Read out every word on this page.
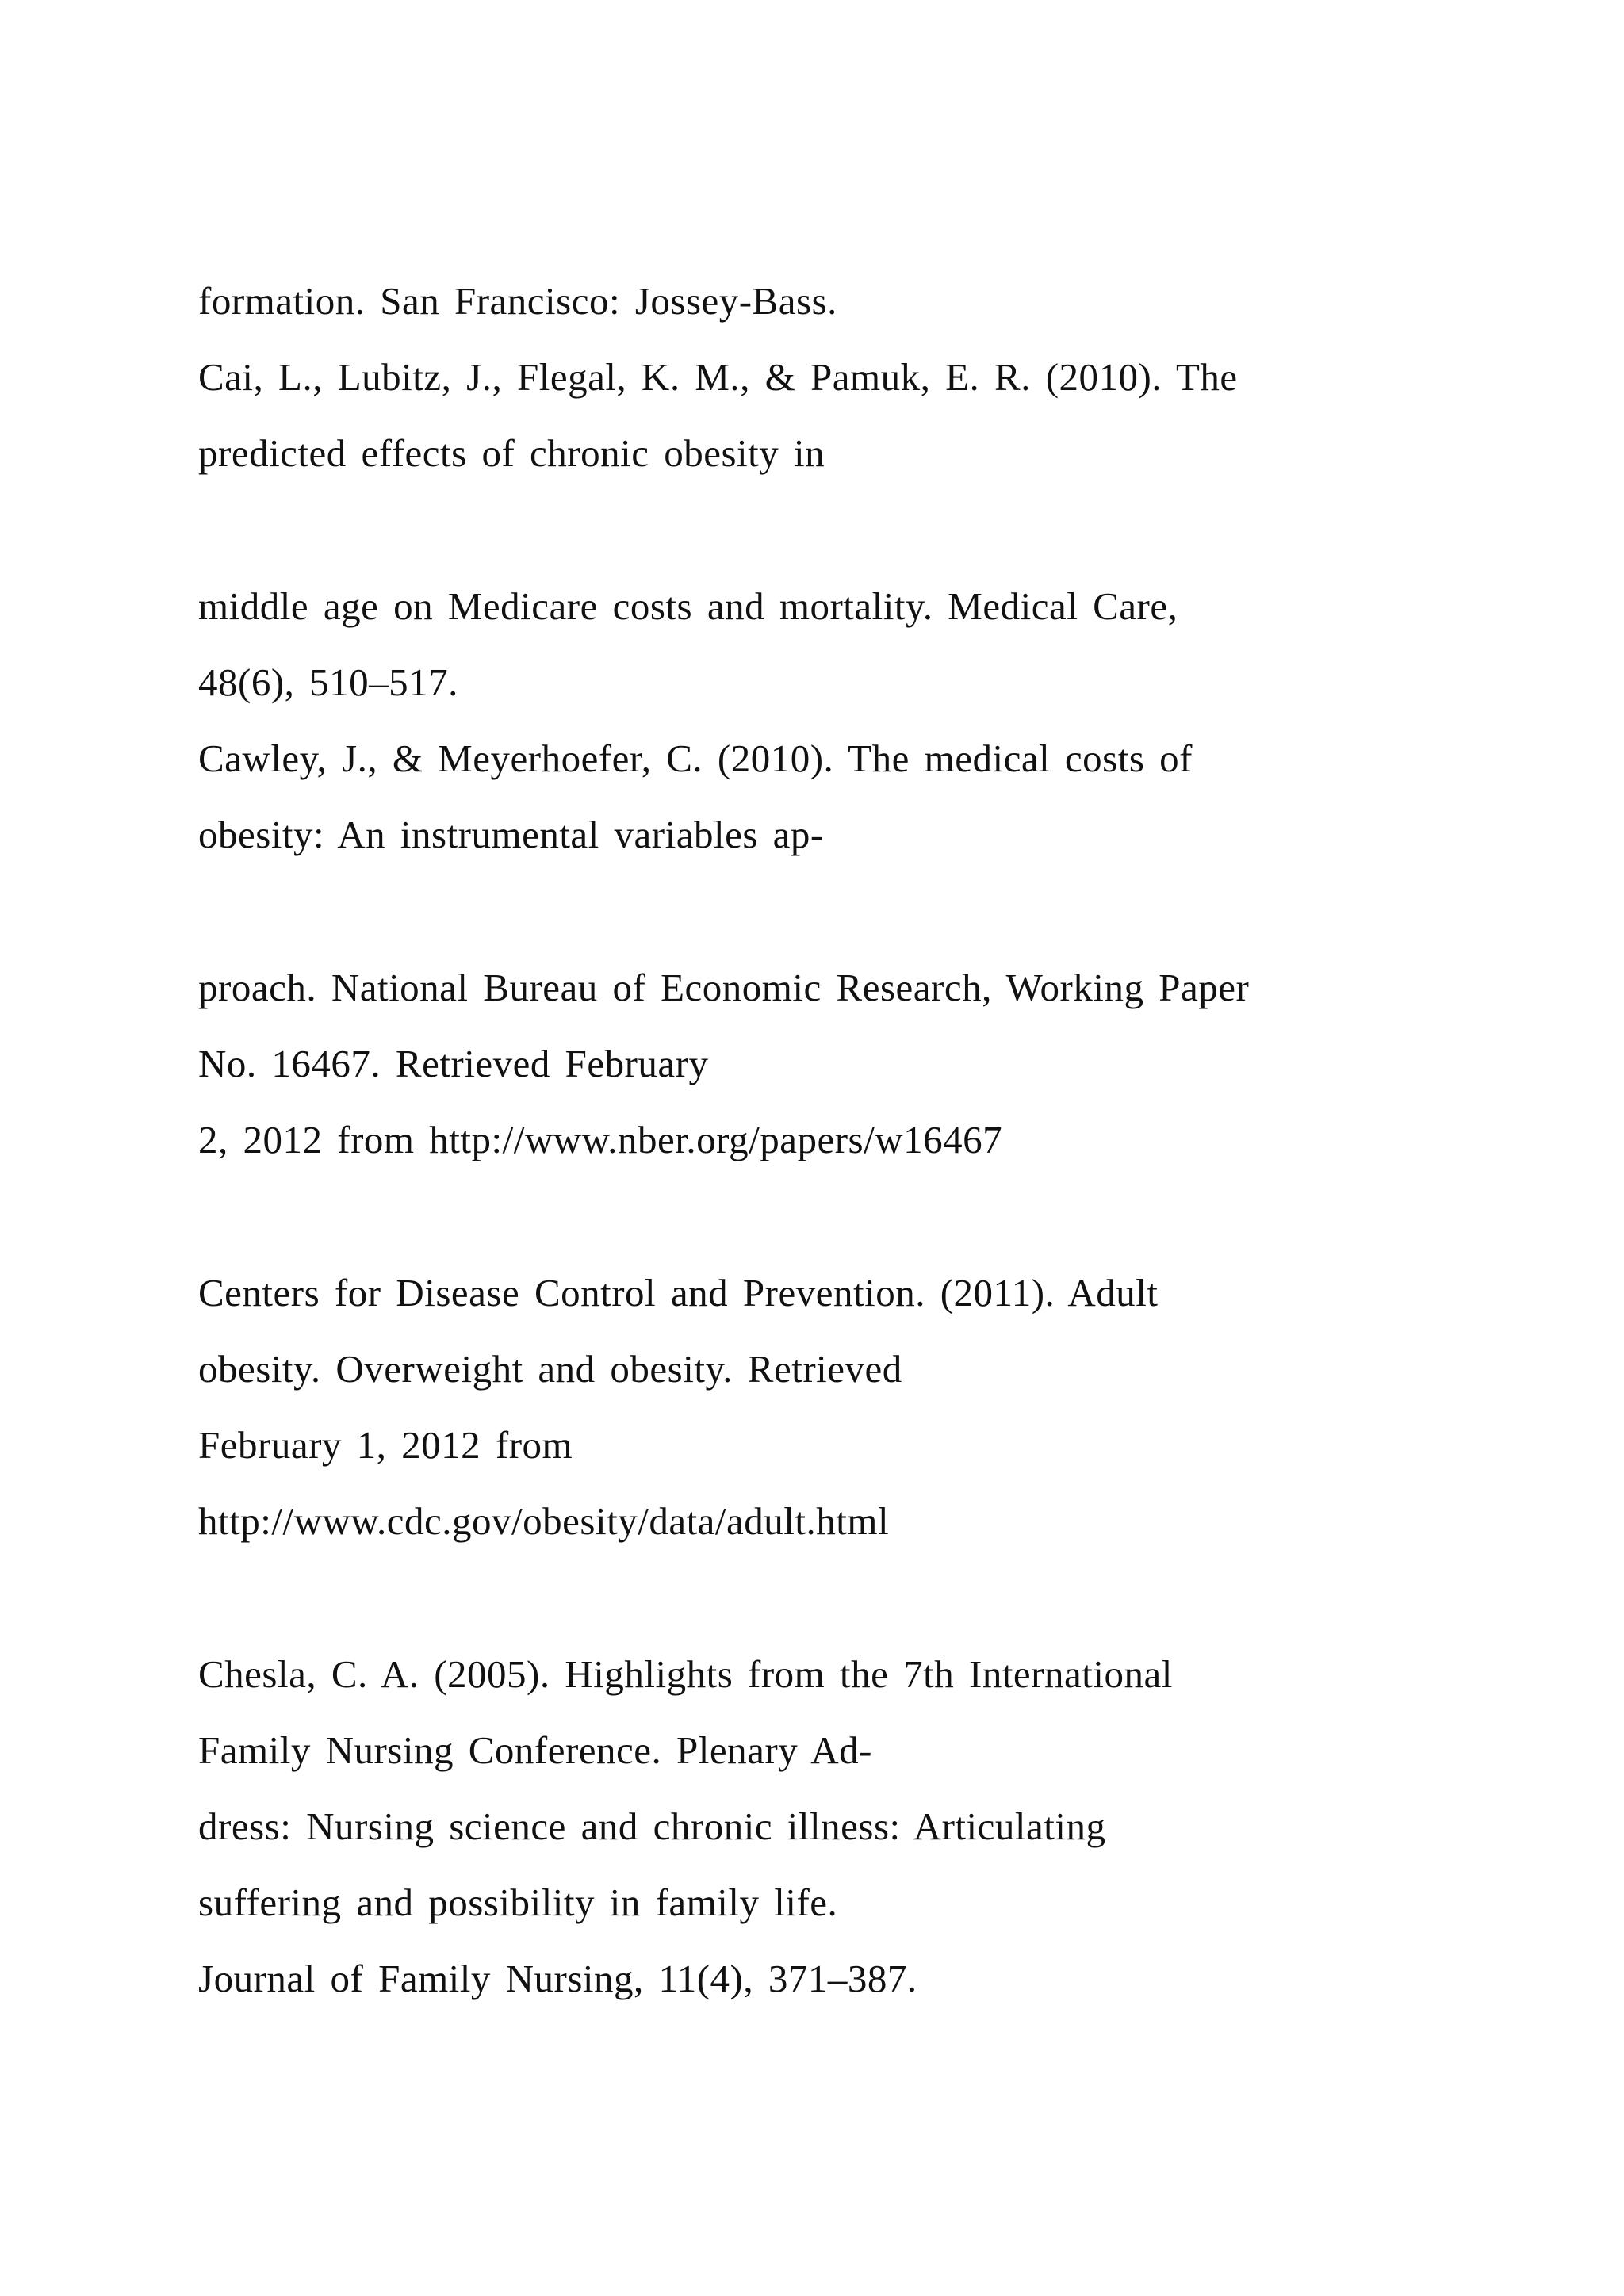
formation. San Francisco: Jossey-Bass.
Cai, L., Lubitz, J., Flegal, K. M., & Pamuk, E. R. (2010). The
predicted effects of chronic obesity in
middle age on Medicare costs and mortality. Medical Care,
48(6), 510–517.
Cawley, J., & Meyerhoefer, C. (2010). The medical costs of
obesity: An instrumental variables ap-
proach. National Bureau of Economic Research, Working Paper
No. 16467. Retrieved February
2, 2012 from http://www.nber.org/papers/w16467
Centers for Disease Control and Prevention. (2011). Adult
obesity. Overweight and obesity. Retrieved
February 1, 2012 from
http://www.cdc.gov/obesity/data/adult.html
Chesla, C. A. (2005). Highlights from the 7th International
Family Nursing Conference. Plenary Ad-
dress: Nursing science and chronic illness: Articulating
suffering and possibility in family life.
Journal of Family Nursing, 11(4), 371–387.
